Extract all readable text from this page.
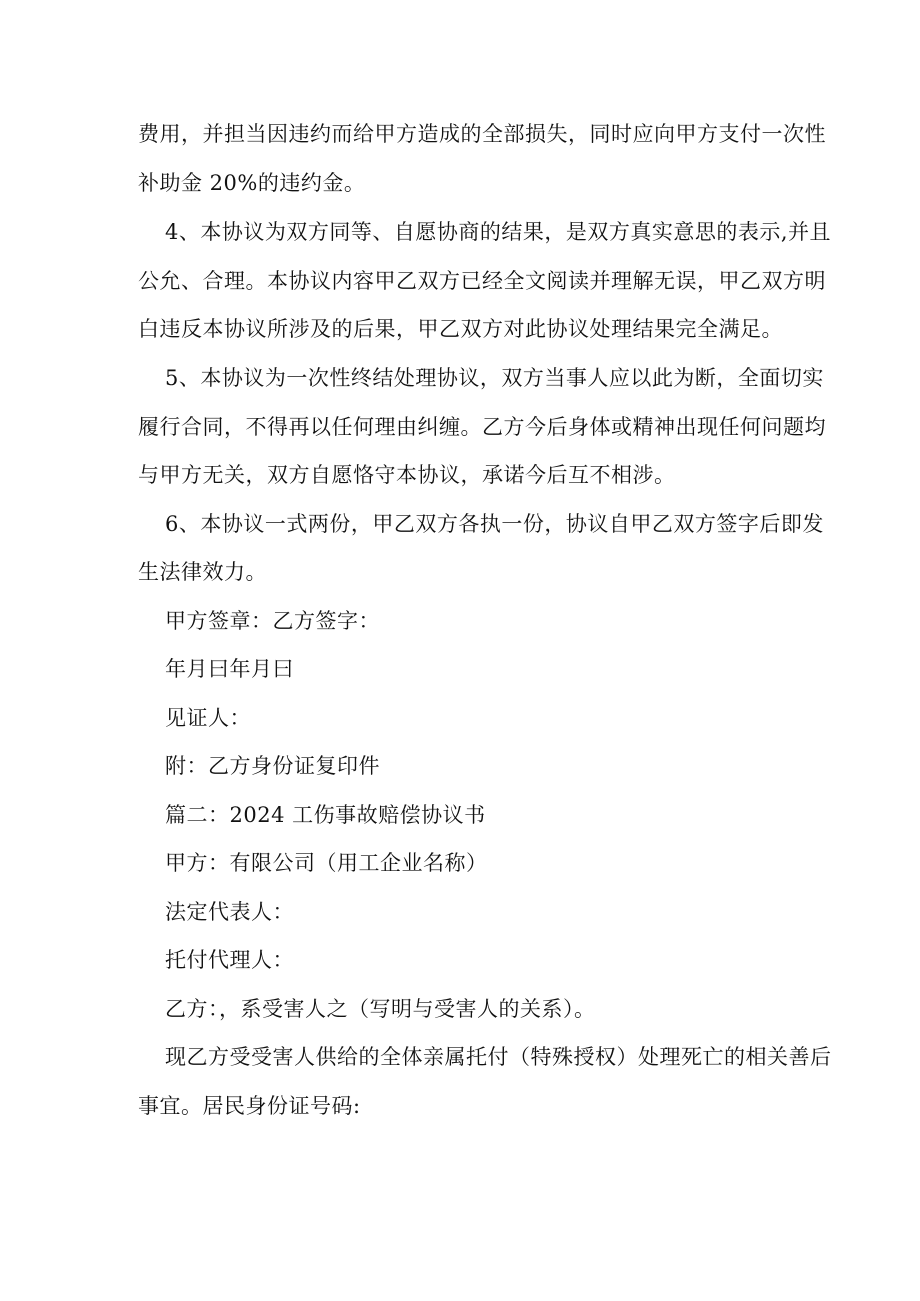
费用，并担当因违约而给甲方造成的全部损失，同时应向甲方支付一次性
补助金 20%的违约金。
4、本协议为双方同等、自愿协商的结果，是双方真实意思的表示,并且
公允、合理。本协议内容甲乙双方已经全文阅读并理解无误，甲乙双方明
白违反本协议所涉及的后果，甲乙双方对此协议处理结果完全满足。
5、本协议为一次性终结处理协议，双方当事人应以此为断，全面切实
履行合同，不得再以任何理由纠缠。乙方今后身体或精神出现任何问题均
与甲方无关，双方自愿恪守本协议，承诺今后互不相涉。
6、本协议一式两份，甲乙双方各执一份，协议自甲乙双方签字后即发
生法律效力。
甲方签章：乙方签字：
年月曰年月曰
见证人：
附：乙方身份证复印件
篇二：2024 工伤事故赔偿协议书
甲方：有限公司（用工企业名称）
法定代表人：
托付代理人：
乙方：，系受害人之（写明与受害人的关系）。
现乙方受受害人供给的全体亲属托付（特殊授权）处理死亡的相关善后
事宜。居民身份证号码:
